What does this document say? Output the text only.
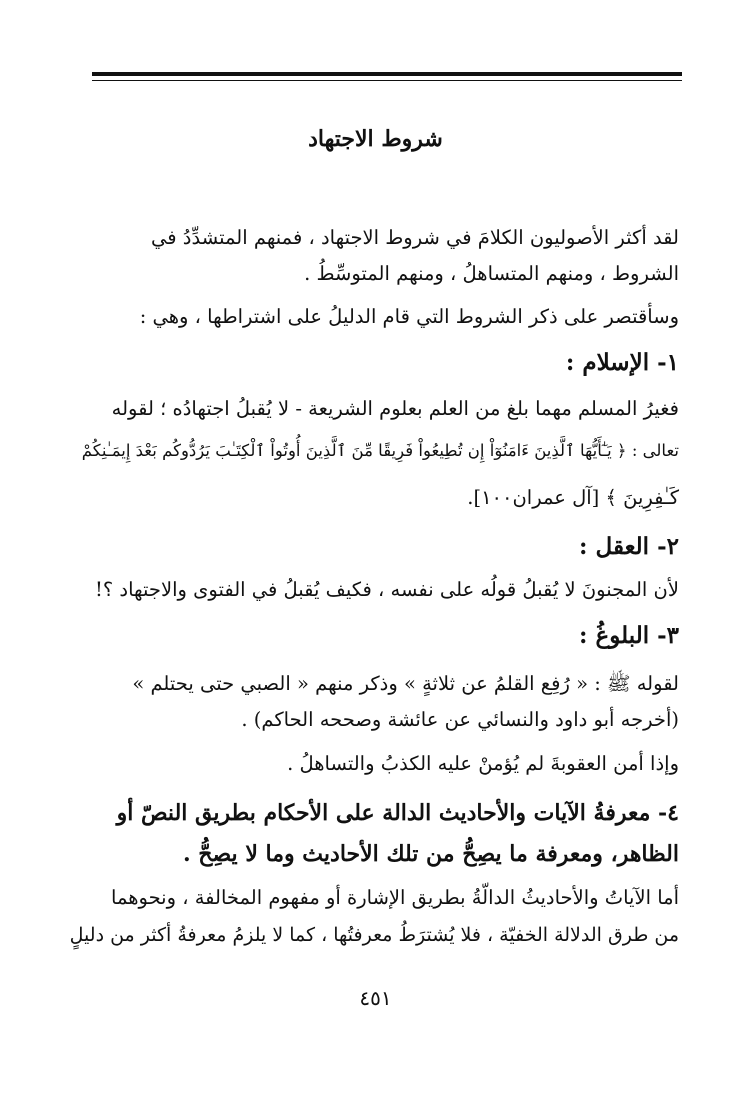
شروط الاجتهاد
لقد أكثر الأصوليون الكلامَ في شروط الاجتهاد ، فمنهم المتشدِّدُ في
الشروط ، ومنهم المتساهلُ ، ومنهم المتوسِّطُ .
وسأقتصر على ذكر الشروط التي قام الدليلُ على اشتراطها ، وهي :
١- الإسلام :
فغيرُ المسلم مهما بلغ من العلم بعلوم الشريعة - لا يُقبلُ اجتهادُه ؛ لقوله
تعالى : ﴿ يَـٰٓأَيُّهَا ٱلَّذِينَ ءَامَنُوٓاْ إِن تُطِيعُواْ فَرِيقًا مِّنَ ٱلَّذِينَ أُوتُواْ ٱلْكِتَـٰبَ يَرُدُّوكُم بَعْدَ إِيمَـٰنِكُمْ
كَـٰفِرِينَ ﴾ [آل عمران١٠٠].
٢- العقل :
لأن المجنونَ لا يُقبلُ قولُه على نفسه ، فكيف يُقبلُ في الفتوى والاجتهاد ؟!
٣- البلوغُ :
لقوله ﷺ : « رُفِع القلمُ عن ثلاثةٍ » وذكر منهم « الصبي حتى يحتلم »
(أخرجه أبو داود والنسائي عن عائشة وصححه الحاكم) .
وإذا أمن العقوبةَ لم يُؤمنْ عليه الكذبُ والتساهلُ .
٤- معرفةُ الآيات والأحاديث الدالة على الأحكام بطريق النصّ أو
الظاهر، ومعرفة ما يصِحُّ من تلك الأحاديث وما لا يصِحُّ .
أما الآياتُ والأحاديثُ الدالّةُ بطريق الإشارة أو مفهوم المخالفة ، ونحوهما
من طرق الدلالة الخفيّة ، فلا يُشترَطُ معرفتُها ، كما لا يلزمُ معرفةُ أكثر من دليلٍ
٤٥١
